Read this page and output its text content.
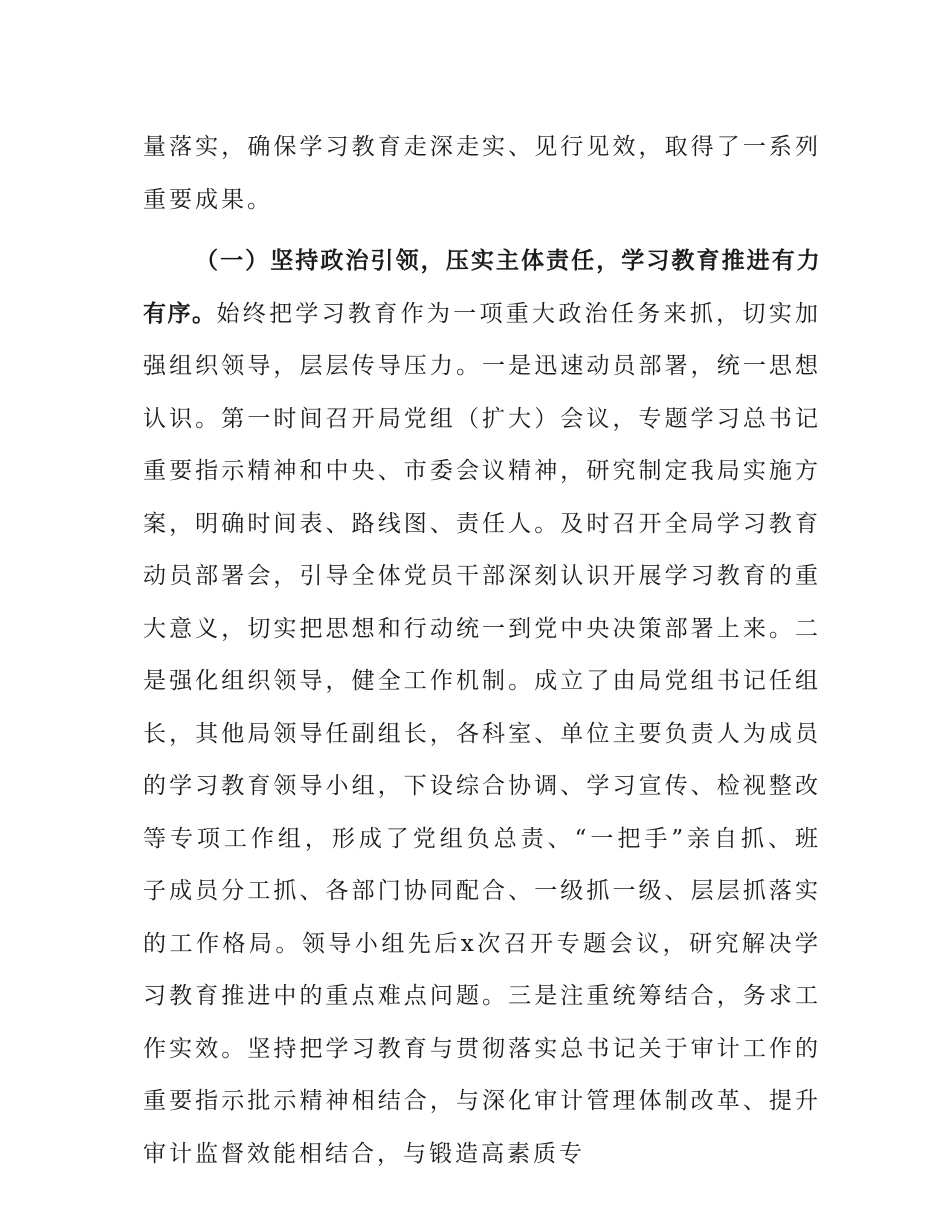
量落实，确保学习教育走深走实、见行见效，取得了一系列重要成果。

（一）坚持政治引领，压实主体责任，学习教育推进有力有序。始终把学习教育作为一项重大政治任务来抓，切实加强组织领导，层层传导压力。一是迅速动员部署，统一思想认识。第一时间召开局党组（扩大）会议，专题学习总书记重要指示精神和中央、市委会议精神，研究制定我局实施方案，明确时间表、路线图、责任人。及时召开全局学习教育动员部署会，引导全体党员干部深刻认识开展学习教育的重大意义，切实把思想和行动统一到党中央决策部署上来。二是强化组织领导，健全工作机制。成立了由局党组书记任组长，其他局领导任副组长，各科室、单位主要负责人为成员的学习教育领导小组，下设综合协调、学习宣传、检视整改等专项工作组，形成了党组负总责、“一把手”亲自抓、班子成员分工抓、各部门协同配合、一级抓一级、层层抓落实的工作格局。领导小组先后x次召开专题会议，研究解决学习教育推进中的重点难点问题。三是注重统筹结合，务求工作实效。坚持把学习教育与贯彻落实总书记关于审计工作的重要指示批示精神相结合，与深化审计管理体制改革、提升审计监督效能相结合，与锻造高素质专
